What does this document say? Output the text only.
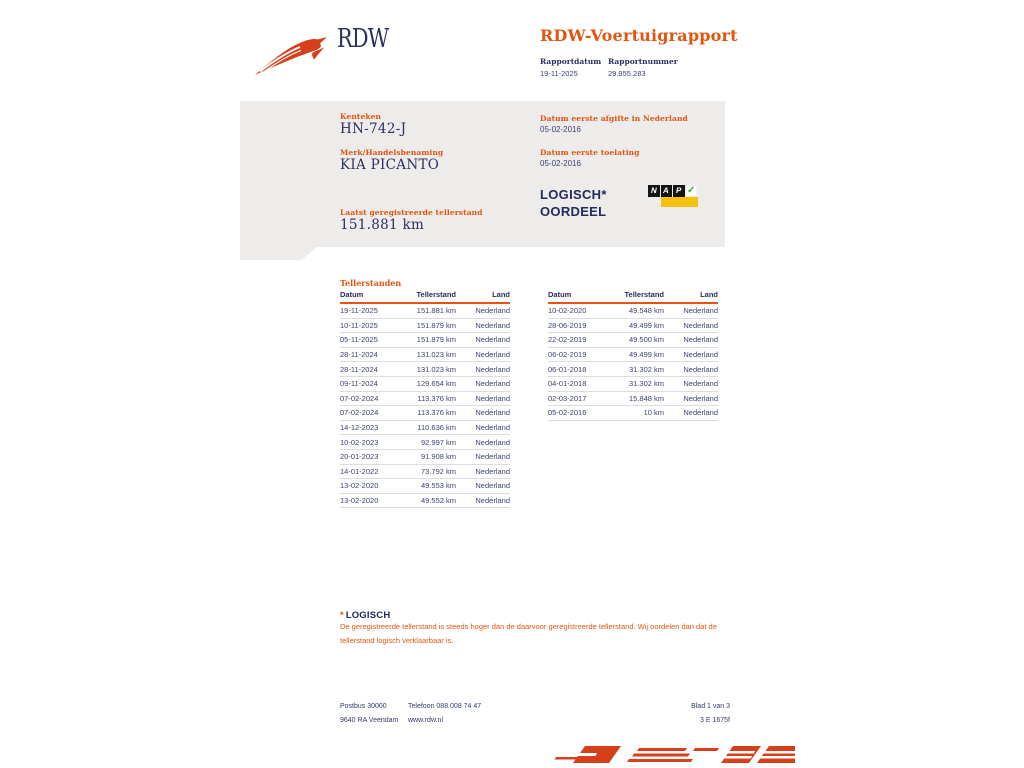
RDW	RDW-Voertuigrapport
Rapportdatum Rapportnummer
19-11-2025	29.955.283
Kenteken
HN-742-J
Merk/Handelsbenaming
KIA PICANTO
Laatst geregistreerde tellerstand
151.881 km
Datum eerste afgifte in Nederland
05-02-2016
Datum eerste toelating
05-02-2016
LOGISCH*
OORDEEL
N A P ✓
Tellerstanden
Datum	Tellerstand	Land
19-11-2025	151.881 km	Nederland
10-11-2025	151.879 km	Nederland
05-11-2025	151.879 km	Nederland
28-11-2024	131.023 km	Nederland
28-11-2024	131.023 km	Nederland
09-11-2024	129.654 km	Nederland
07-02-2024	113.376 km	Nederland
07-02-2024	113.376 km	Nederland
14-12-2023	110.636 km	Nederland
10-02-2023	92.997 km	Nederland
20-01-2023	91.908 km	Nederland
14-01-2022	73.792 km	Nederland
13-02-2020	49.553 km	Nederland
13-02-2020	49.552 km	Nederland
Datum	Tellerstand	Land
10-02-2020	49.548 km	Nederland
28-06-2019	49.499 km	Nederland
22-02-2019	49.500 km	Nederland
06-02-2019	49.499 km	Nederland
06-01-2018	31.302 km	Nederland
04-01-2018	31.302 km	Nederland
02-03-2017	15.848 km	Nederland
05-02-2016	10 km	Nederland
* LOGISCH
De geregistreerde tellerstand is steeds hoger dan de daarvoor geregistreerde tellerstand. Wij oordelen dan dat de tellerstand logisch verklaarbaar is.
Postbus 30000
9640 RA Veendam
Telefoon 088 008 74 47
www.rdw.nl
Blad 1 van 3
3 E 1675f
